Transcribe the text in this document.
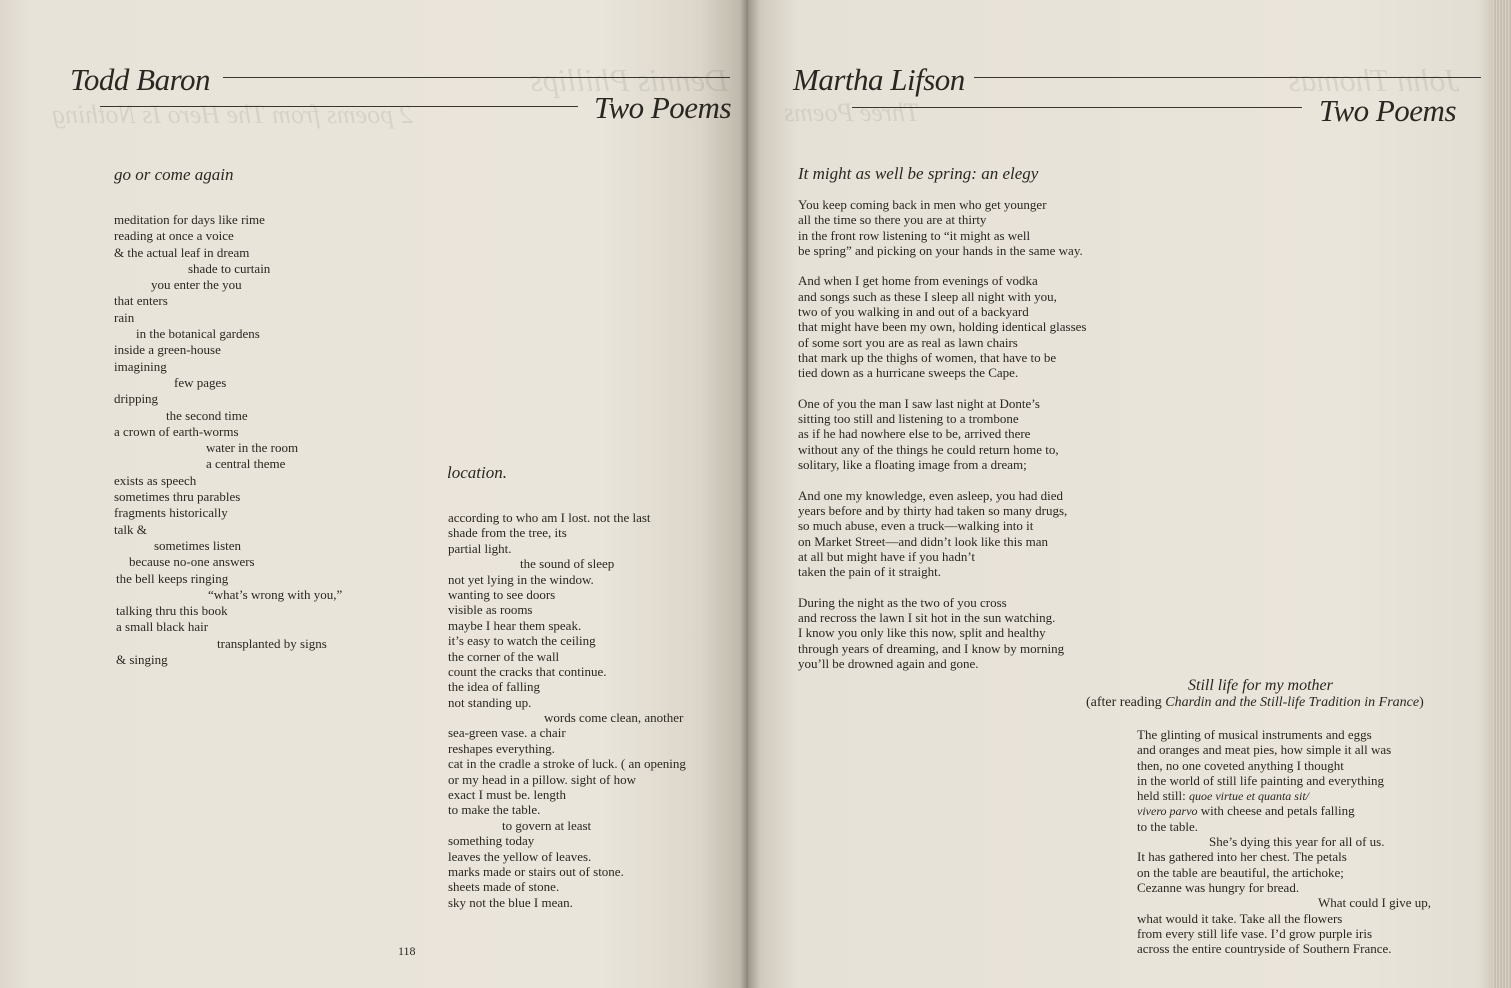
Dennis Phillips
2 poems from The Hero Is Nothing
Todd Baron
Two Poems
go or come again
meditation for days like rime
reading at once a voice
& the actual leaf in dream
shade to curtain
you enter the you
that enters
rain
in the botanical gardens
inside a green-house
imagining
few pages
dripping
the second time
a crown of earth-worms
water in the room
a central theme
exists as speech
sometimes thru parables
fragments historically
talk &
sometimes listen
because no-one answers
the bell keeps ringing
“what’s wrong with you,”
talking thru this book
a small black hair
transplanted by signs
& singing
location.
according to who am I lost. not the last
shade from the tree, its
partial light.
the sound of sleep
not yet lying in the window.
wanting to see doors
visible as rooms
maybe I hear them speak.
it’s easy to watch the ceiling
the corner of the wall
count the cracks that continue.
the idea of falling
not standing up.
words come clean, another
sea-green vase. a chair
reshapes everything.
cat in the cradle a stroke of luck. ( an opening
or my head in a pillow. sight of how
exact I must be. length
to make the table.
to govern at least
something today
leaves the yellow of leaves.
marks made or stairs out of stone.
sheets made of stone.
sky not the blue I mean.
118
John Thomas
Three Poems
Martha Lifson
Two Poems
It might as well be spring: an elegy
You keep coming back in men who get younger
all the time so there you are at thirty
in the front row listening to “it might as well
be spring” and picking on your hands in the same way.
And when I get home from evenings of vodka
and songs such as these I sleep all night with you,
two of you walking in and out of a backyard
that might have been my own, holding identical glasses
of some sort you are as real as lawn chairs
that mark up the thighs of women, that have to be
tied down as a hurricane sweeps the Cape.
One of you the man I saw last night at Donte’s
sitting too still and listening to a trombone
as if he had nowhere else to be, arrived there
without any of the things he could return home to,
solitary, like a floating image from a dream;
And one my knowledge, even asleep, you had died
years before and by thirty had taken so many drugs,
so much abuse, even a truck—walking into it
on Market Street—and didn’t look like this man
at all but might have if you hadn’t
taken the pain of it straight.
During the night as the two of you cross
and recross the lawn I sit hot in the sun watching.
I know you only like this now, split and healthy
through years of dreaming, and I know by morning
you’ll be drowned again and gone.
Still life for my mother
(after reading Chardin and the Still-life Tradition in France)
The glinting of musical instruments and eggs
and oranges and meat pies, how simple it all was
then, no one coveted anything I thought
in the world of still life painting and everything
held still: quoe virtue et quanta sit/
vivero parvo with cheese and petals falling
to the table.
She’s dying this year for all of us.
It has gathered into her chest. The petals
on the table are beautiful, the artichoke;
Cezanne was hungry for bread.
What could I give up,
what would it take. Take all the flowers
from every still life vase. I’d grow purple iris
across the entire countryside of Southern France.
